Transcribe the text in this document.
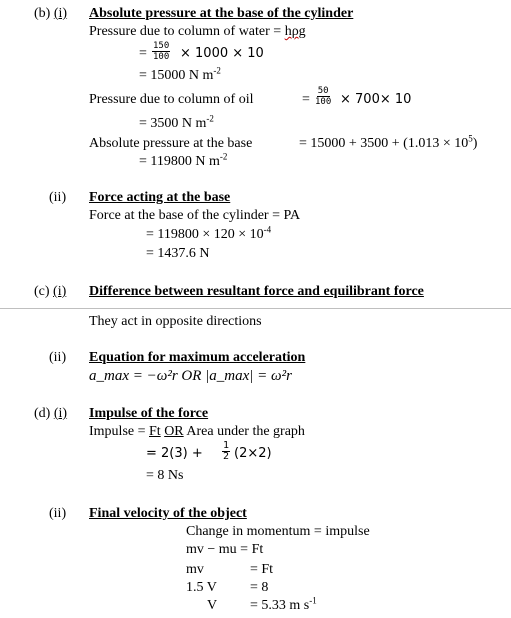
(b) (i) Absolute pressure at the base of the cylinder
Pressure due to column of water = hρg
= $\frac{150}{100} \times 1000 \times 10$
= 15000 N $m^{-2}$
Pressure due to column of oil	= $\frac{50}{100} \times 700\times 10$
= 3500 N $m^{-2}$
Absolute pressure at the base	= $15000 + 3500 + (1.013 \times 10^5)$
= 119800 N $m^{-2}$
(ii) Force acting at the base
Force at the base of the cylinder = PA
= $119800 \times 120 \times 10^{-4}$
= 1437.6 N
(c) (i) Difference between resultant force and equilibrant force
They act in opposite directions
(ii) Equation for maximum acceleration
a_max = −ω²r OR |a_max| = ω²r
(d) (i) Impulse of the force
Impulse = Ft OR Area under the graph
= $2(3) + \frac{1}{2} (2\times 2)$
= 8 Ns
(ii) Final velocity of the object
Change in momentum = impulse
mv − mu = Ft
mv	= Ft
1.5 V = 8
V = 5.33 m $s^{-1}$
